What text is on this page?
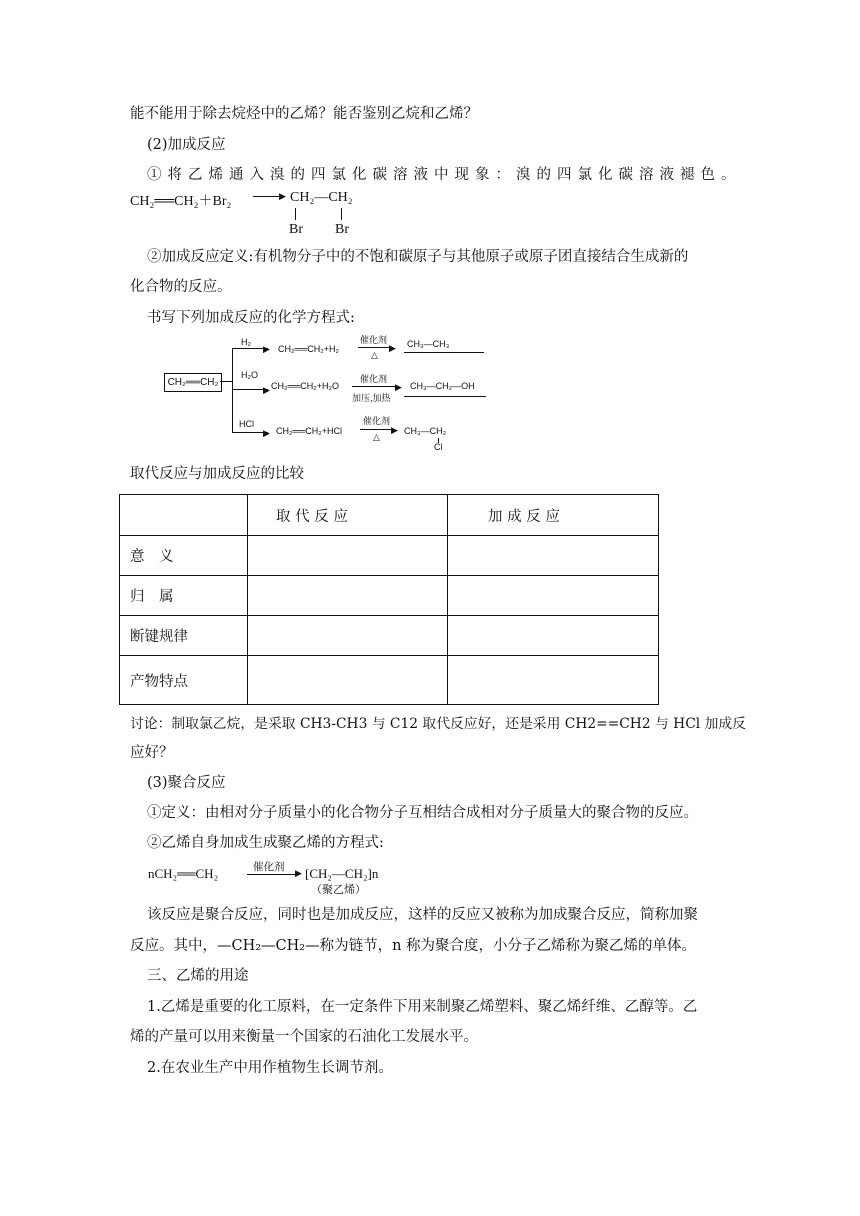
能不能用于除去烷烃中的乙烯？能否鉴别乙烷和乙烯？
(2)加成反应
①将乙烯通入溴的四氯化碳溶液中现象：溴的四氯化碳溶液褪色。
CH₂══CH₂＋Br₂	▶ CH₂—CH₂
Br Br
②加成反应定义:有机物分子中的不饱和碳原子与其他原子或原子团直接结合生成新的
化合物的反应。
书写下列加成反应的化学方程式:
CH₂══CH₂
▶
H₂
CH₂══CH₂+H₂
催化剂
▶
△
CH₃—CH₃
▶
H₂O
CH₂══CH₂+H₂O
催化剂
▶
加压,加热
CH₃—CH₂—OH
▶
HCl
CH₂══CH₂+HCl
催化剂
▶
△
CH₃—CH₂
Cl
取代反应与加成反应的比较
	取 代 反 应	加 成 反 应
意　义		
归　属		
断键规律		
产物特点		
讨论：制取氯乙烷，是采取 CH3-CH3 与 C12 取代反应好，还是采用 CH2==CH2 与 HCl 加成反
应好？
(3)聚合反应
①定义：由相对分子质量小的化合物分子互相结合成相对分子质量大的聚合物的反应。
②乙烯自身加成生成聚乙烯的方程式:
nCH₂══CH₂	催化剂
▶ [CH₂—CH₂]n
（聚乙烯）
该反应是聚合反应，同时也是加成反应，这样的反应又被称为加成聚合反应，简称加聚
反应。其中，—CH₂—CH₂—称为链节，n 称为聚合度，小分子乙烯称为聚乙烯的单体。
三、乙烯的用途
1.乙烯是重要的化工原料，在一定条件下用来制聚乙烯塑料、聚乙烯纤维、乙醇等。乙
烯的产量可以用来衡量一个国家的石油化工发展水平。
2.在农业生产中用作植物生长调节剂。
